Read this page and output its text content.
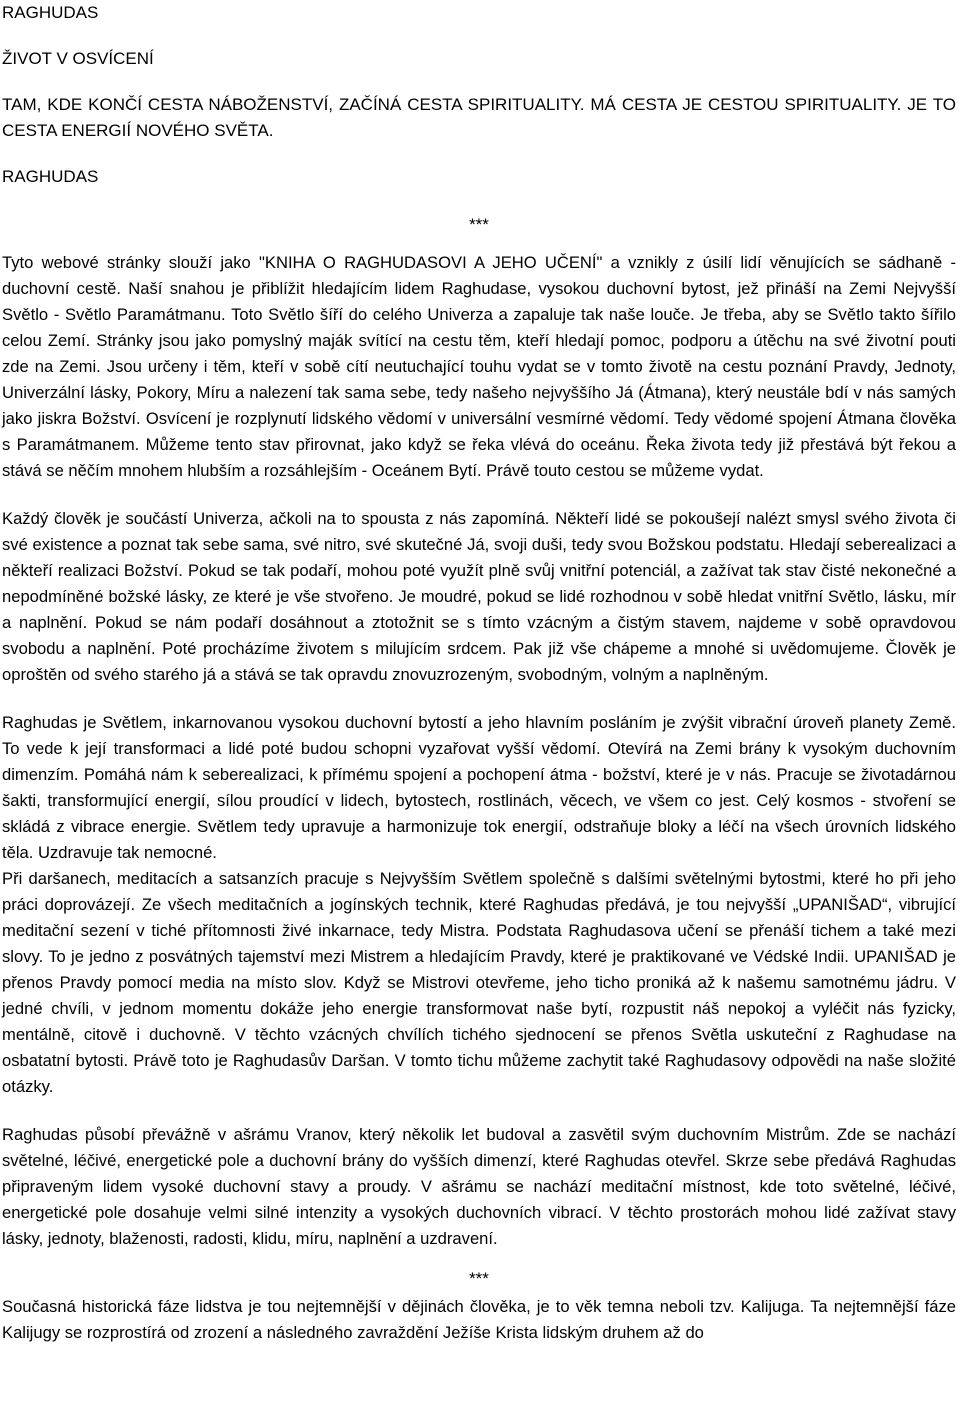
RAGHUDAS

ŽIVOT V OSVÍCENÍ

TAM, KDE KONČÍ CESTA NÁBOŽENSTVÍ, ZAČÍNÁ CESTA SPIRITUALITY. MÁ CESTA JE CESTOU SPIRITUALITY. JE TO CESTA ENERGIÍ NOVÉHO SVĚTA.

RAGHUDAS

***

Tyto webové stránky slouží jako "KNIHA O RAGHUDASOVI A JEHO UČENÍ" a vznikly z úsilí lidí věnujících se sádhaně - duchovní cestě. Naší snahou je přiblížit hledajícím lidem Raghudase, vysokou duchovní bytost, jež přináší na Zemi Nejvyšší Světlo - Světlo Paramátmanu. Toto Světlo šíří do celého Univerza a zapaluje tak naše louče. Je třeba, aby se Světlo takto šířilo celou Zemí. Stránky jsou jako pomyslný maják svítící na cestu těm, kteří hledají pomoc, podporu a útěchu na své životní pouti zde na Zemi. Jsou určeny i těm, kteří v sobě cítí neutuchající touhu vydat se v tomto životě na cestu poznání Pravdy, Jednoty, Univerzální lásky, Pokory, Míru a nalezení tak sama sebe, tedy našeho nejvyššího Já (Átmana), který neustále bdí v nás samých jako jiskra Božství. Osvícení je rozplynutí lidského vědomí v universální vesmírné vědomí. Tedy vědomé spojení Átmana člověka s Paramátmanem. Můžeme tento stav přirovnat, jako když se řeka vlévá do oceánu. Řeka života tedy již přestává být řekou a stává se něčím mnohem hlubším a rozsáhlejším - Oceánem Bytí. Právě touto cestou se můžeme vydat.

Každý člověk je součástí Univerza, ačkoli na to spousta z nás zapomíná. Někteří lidé se pokoušejí nalézt smysl svého života či své existence a poznat tak sebe sama, své nitro, své skutečné Já, svoji duši, tedy svou Božskou podstatu. Hledají seberealizaci a někteří realizaci Božství. Pokud se tak podaří, mohou poté využít plně svůj vnitřní potenciál, a zažívat tak stav čisté nekonečné a nepodmíněné božské lásky, ze které je vše stvořeno. Je moudré, pokud se lidé rozhodnou v sobě hledat vnitřní Světlo, lásku, mír a naplnění. Pokud se nám podaří dosáhnout a ztotožnit se s tímto vzácným a čistým stavem, najdeme v sobě opravdovou svobodu a naplnění. Poté procházíme životem s milujícím srdcem. Pak již vše chápeme a mnohé si uvědomujeme. Člověk je oproštěn od svého starého já a stává se tak opravdu znovuzrozeným, svobodným, volným a naplněným.

Raghudas je Světlem, inkarnovanou vysokou duchovní bytostí a jeho hlavním posláním je zvýšit vibrační úroveň planety Země. To vede k její transformaci a lidé poté budou schopni vyzařovat vyšší vědomí. Otevírá na Zemi brány k vysokým duchovním dimenzím. Pomáhá nám k seberealizaci, k přímému spojení a pochopení átma - božství, které je v nás. Pracuje se životadárnou šakti, transformující energií, sílou proudící v lidech, bytostech, rostlinách, věcech, ve všem co jest. Celý kosmos - stvoření se skládá z vibrace energie. Světlem tedy upravuje a harmonizuje tok energií, odstraňuje bloky a léčí na všech úrovních lidského těla. Uzdravuje tak nemocné.

Při daršanech, meditacích a satsanzích pracuje s Nejvyšším Světlem společně s dalšími světelnými bytostmi, které ho při jeho práci doprovázejí. Ze všech meditačních a jogínských technik, které Raghudas předává, je tou nejvyšší „UPANIŠAD“, vibrující meditační sezení v tiché přítomnosti živé inkarnace, tedy Mistra. Podstata Raghudasova učení se přenáší tichem a také mezi slovy. To je jedno z posvátných tajemství mezi Mistrem a hledajícím Pravdy, které je praktikované ve Védské Indii. UPANIŠAD je přenos Pravdy pomocí media na místo slov. Když se Mistrovi otevřeme, jeho ticho proniká až k našemu samotnému jádru. V jedné chvíli, v jednom momentu dokáže jeho energie transformovat naše bytí, rozpustit náš nepokoj a vyléčit nás fyzicky, mentálně, citově i duchovně. V těchto vzácných chvílích tichého sjednocení se přenos Světla uskuteční z Raghudase na osbatatní bytosti. Právě toto je Raghudasův Daršan. V tomto tichu můžeme zachytit také Raghudasovy odpovědi na naše složité otázky.

Raghudas působí převážně v ašrámu Vranov, který několik let budoval a zasvětil svým duchovním Mistrům. Zde se nachází světelné, léčivé, energetické pole a duchovní brány do vyšších dimenzí, které Raghudas otevřel. Skrze sebe předává Raghudas připraveným lidem vysoké duchovní stavy a proudy. V ašrámu se nachází meditační místnost, kde toto světelné, léčivé, energetické pole dosahuje velmi silné intenzity a vysokých duchovních vibrací. V těchto prostorách mohou lidé zažívat stavy lásky, jednoty, blaženosti, radosti, klidu, míru, naplnění a uzdravení.

***

Současná historická fáze lidstva je tou nejtemnější v dějinách člověka, je to věk temna neboli tzv. Kalijuga. Ta nejtemnější fáze Kalijugy se rozprostírá od zrození a následného zavraždění Ježíše Krista lidským druhem až do
